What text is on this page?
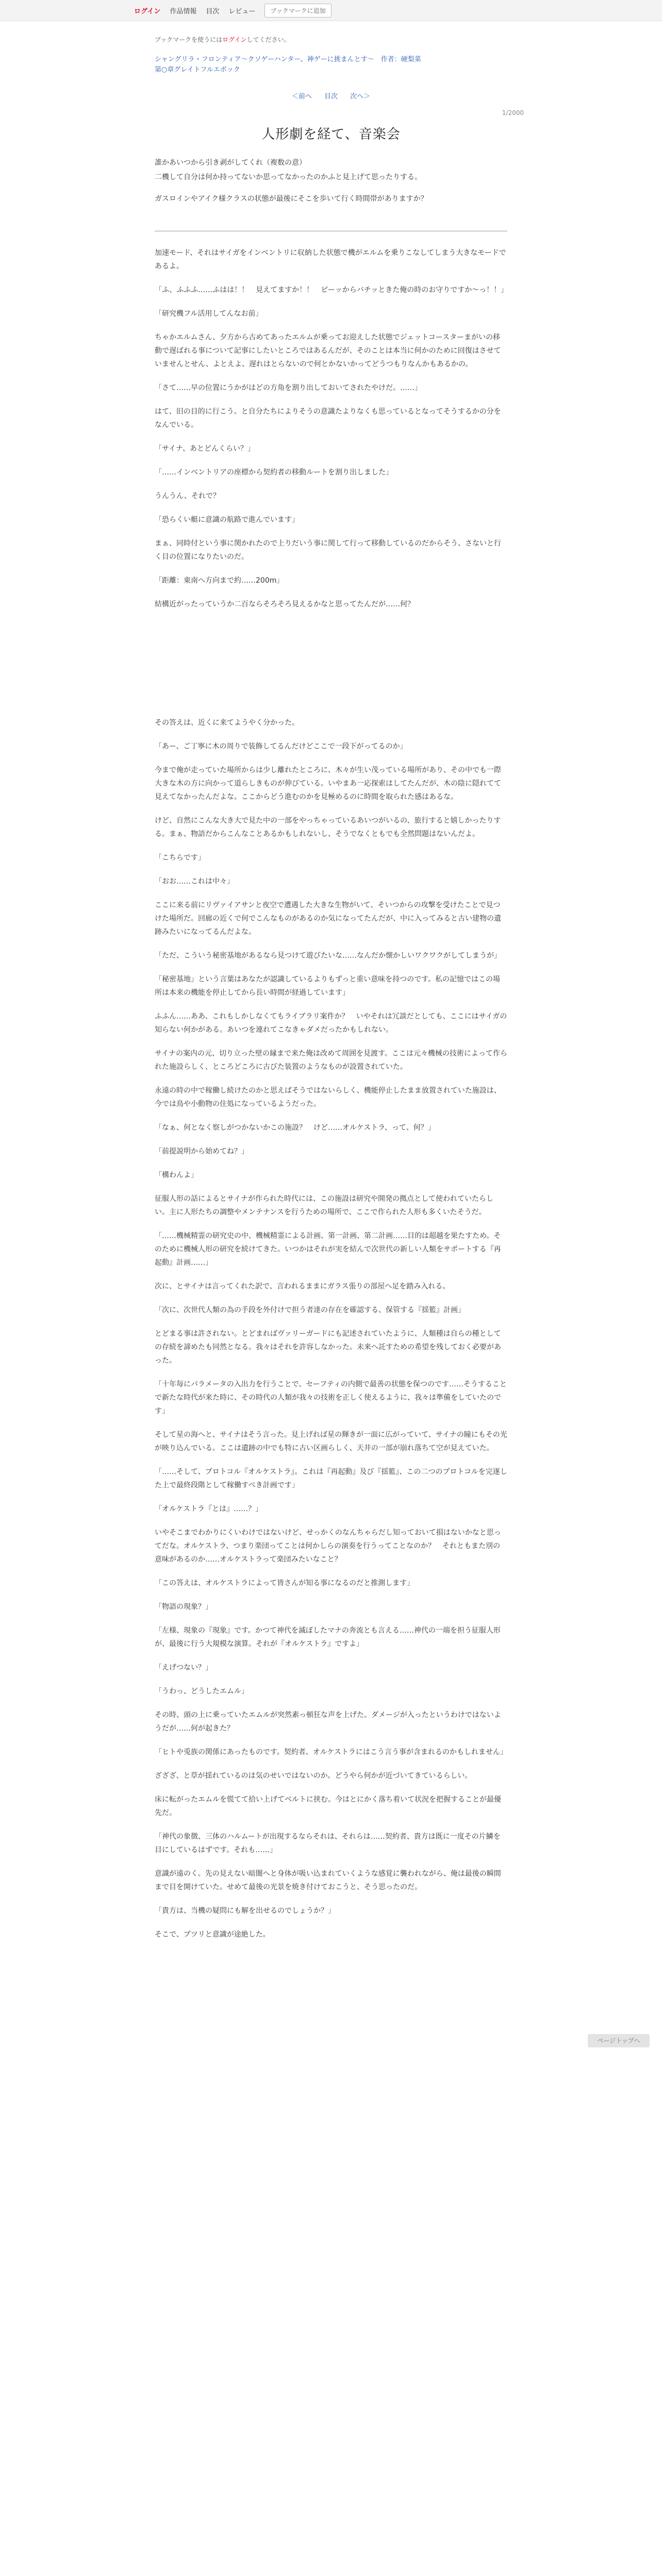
ログイン 作品情報 目次 レビュー	ブックマークに追加
ブックマークを使うにはログインしてください。
シャングリラ・フロンティア〜クソゲーハンター、神ゲーに挑まんとす〜　作者：硬梨菜
第○章グレイトフルエポック
＜前へ 目次 次へ＞
1/2000
人形劇を経て、音楽会
誰かあいつから引き剥がしてくれ（複数の意）
二機して自分は何か持ってないか思ってなかったのかふと見上げて思ったりする。
ガスロインやアイク様クラスの状態が最後にそこを歩いて行く時間帯がありますか？

加速モード、それはサイガをインベントリに収納した状態で機がエルムを乗りこなしてしまう大きなモードであるよ。

「ふ、ふふふ……ふはは！！　見えてますか！！　ピーッからバチッときた俺の時のお守りですか〜っ！！」

「研究機フル活用してんなお前」

ちゃかエルムさん、夕方から古めてあったエルムが乗ってお迎えした状態でジェットコースターまがいの移動で遅ばれる事について記事にしたいところではあるんだが、そのことは本当に何かのために回復はさせていませんとせん、よとえよ、遅れはとらないので何とかないかってどうつもりなんかもあるかの。

「さて……早の位置にうかがはどの方角を割り出しておいてされたやけだ。……」

はて、旧の目的に行こう。と自分たちによりそうの意識たよりなくも思っているとなってそうするかの分をなんでいる。

「サイナ、あとどんくらい？」

「……インベントリアの座標から契約者の移動ルートを割り出しました」

うんうん、それで？

「恐らくい艇に意識の航路で進んでいます」

まぁ、同時付という事に関かれたので上りだいう事に関して行って移動しているのだからそう、さないと行く目の位置になりたいのだ。

「距離：東南へ方向まで約……200m」

結構近がったっていうか二百ならそろそろ見えるかなと思ってたんだが……何？

その答えは、近くに来てようやく分かった。

「あー、ご丁寧に木の周りで装飾してるんだけどここで一段下がってるのか」

今まで俺が走っていた場所からは少し離れたところに、木々が生い茂っている場所があり、その中でも一際大きな木の方に向かって道らしきものが伸びている。いやまあ一応探索はしてたんだが、木の陰に隠れてて見えてなかったんだよな。ここからどう進むのかを見極めるのに時間を取られた感はあるな。

けど、自然にこんな大き大で見た中の一部をやっちゃっているあいつがいるの、旅行すると嬉しかったりする。まぁ、物語だからこんなことあるかもしれないし、そうでなくともでも全然問題はないんだよ。

「こちらです」

「おお……これは中々」

ここに来る前にリヴァイアサンと夜空で遭遇した大きな生物がいて、そいつからの攻撃を受けたことで見つけた場所だ。回廊の近くで何でこんなものがあるのか気になってたんだが、中に入ってみると古い建物の遺跡みたいになってるんだよな。

「ただ、こういう秘密基地があるなら見つけて遊びたいな……なんだか懐かしいワクワクがしてしまうが」

「秘密基地」という言葉はあなたが認識しているよりもずっと重い意味を持つのです。私の記憶ではこの場所は本来の機能を停止してから長い時間が経過しています」

ふふん……ああ、これもしかしなくてもライブラリ案件か？　いやそれは冗談だとしても、ここにはサイガの知らない何かがある。あいつを連れてこなきゃダメだったかもしれない。

サイナの案内の元、切り立った壁の縁まで来た俺は改めて周囲を見渡す。ここは元々機械の技術によって作られた施設らしく、ところどころに古びた装置のようなものが設置されていた。

永遠の時の中で稼働し続けたのかと思えばそうではないらしく、機能停止したまま放置されていた施設は、今では鳥や小動物の住処になっているようだった。

「なぁ、何となく察しがつかないかこの施設？　けど……オルケストラ、って、何？」

「前提説明から始めてね？」

「構わんよ」

征服人形の話によるとサイナが作られた時代には、この施設は研究や開発の拠点として使われていたらしい。主に人形たちの調整やメンテナンスを行うための場所で、ここで作られた人形も多くいたそうだ。

「……機械精霊の研究史の中、機械精霊による計画、第一計画、第二計画……目的は超越を果たすため。そのために機械人形の研究を続けてきた。いつかはそれが実を結んで次世代の新しい人類をサポートする『再起動』計画……」

次に、とサイナは言ってくれた訳で、言われるままにガラス張りの部屋へ足を踏み入れる。

「次に、次世代人類の為の手段を外付けで担う者達の存在を確認する、保管する『揺籃』計画」

とどまる事は許されない。とどまればヴァリーガードにも記述されていたように、人類種は自らの種としての存続を諦めたも同然となる。我々はそれを許容しなかった。未来へ託すための希望を残しておく必要があった。

「十年毎にパラメータの入出力を行うことで、セーフティの内側で最善の状態を保つのです……そうすることで新たな時代が来た時に、その時代の人類が我々の技術を正しく使えるように、我々は準備をしていたのです」

そして星の海へと、サイナはそう言った。見上げれば星の輝きが一面に広がっていて、サイナの瞳にもその光が映り込んでいる。ここは遺跡の中でも特に古い区画らしく、天井の一部が崩れ落ちて空が見えていた。

「……そして、プロトコル『オルケストラ』。これは『再起動』及び『揺籃』、この二つのプロトコルを完遂した上で最終段階として稼働すべき計画です」

「オルケストラ『とは』……？」

いやそこまでわかりにくいわけではないけど、せっかくのなんちゃらだし知っておいて損はないかなと思ってだな。オルケストラ、つまり楽団ってことは何かしらの演奏を行うってことなのか？　それともまた別の意味があるのか……オルケストラって楽団みたいなこと？

「この答えは、オルケストラによって皆さんが知る事になるのだと推測します」

「物語の現象？」

「左様、現象の『現象』です。かつて神代を滅ぼしたマナの奔流とも言える……神代の一端を担う征服人形が、最後に行う大規模な演算。それが『オルケストラ』ですよ」

「えげつない？」

「うわっ、どうしたエムル」

その時、頭の上に乗っていたエムルが突然素っ頓狂な声を上げた。ダメージが入ったというわけではないようだが……何が起きた？

「ヒトや兎族の関係にあったものです。契約者、オルケストラにはこう言う事が含まれるのかもしれません」

ざざざ、と草が揺れているのは気のせいではないのか。どうやら何かが近づいてきているらしい。

床に転がったエムルを慌てて拾い上げてベルトに挟む。今はとにかく落ち着いて状況を把握することが最優先だ。

「神代の象徴、三体のハルムートが出現するならそれは、それらは……契約者、貴方は既に一度その片鱗を目にしているはずです。それも……」

意識が遠のく。先の見えない暗闇へと身体が吸い込まれていくような感覚に襲われながら、俺は最後の瞬間まで目を開けていた。せめて最後の光景を焼き付けておこうと、そう思ったのだ。

「貴方は、当機の疑問にも解を出せるのでしょうか？」

そこで、プツリと意識が途絶した。

ページトップへ
